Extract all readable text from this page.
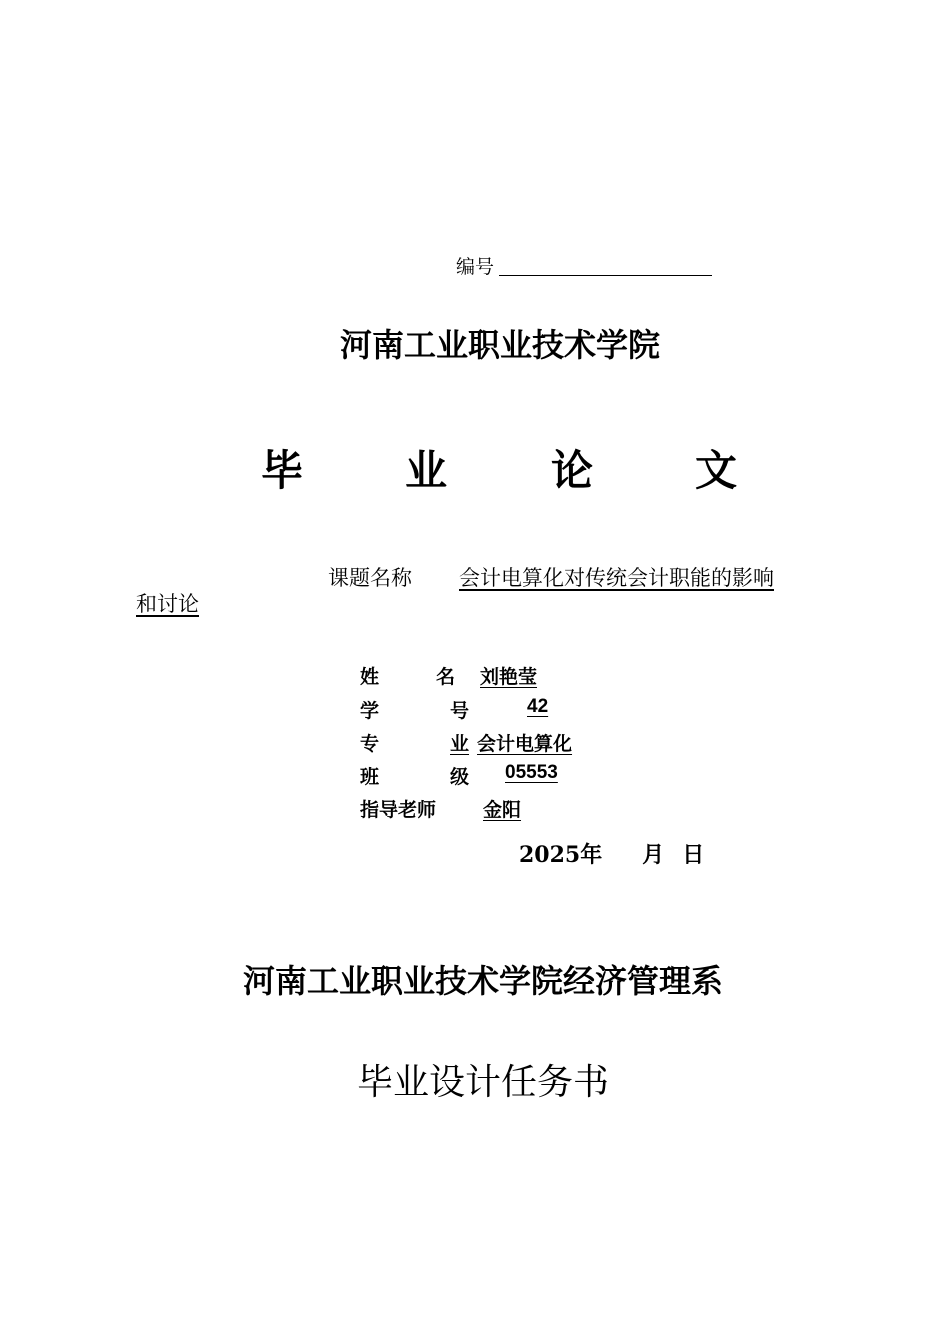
编号
河南工业职业技术学院
毕 业 论 文
课题名称	会计电算化对传统会计职能的影响
和讨论
姓	名	刘艳莹
学	号	42
专	业 会计电算化
班	级	05553
指导老师	金阳
2025年 月 日
河南工业职业技术学院经济管理系
毕业设计任务书
